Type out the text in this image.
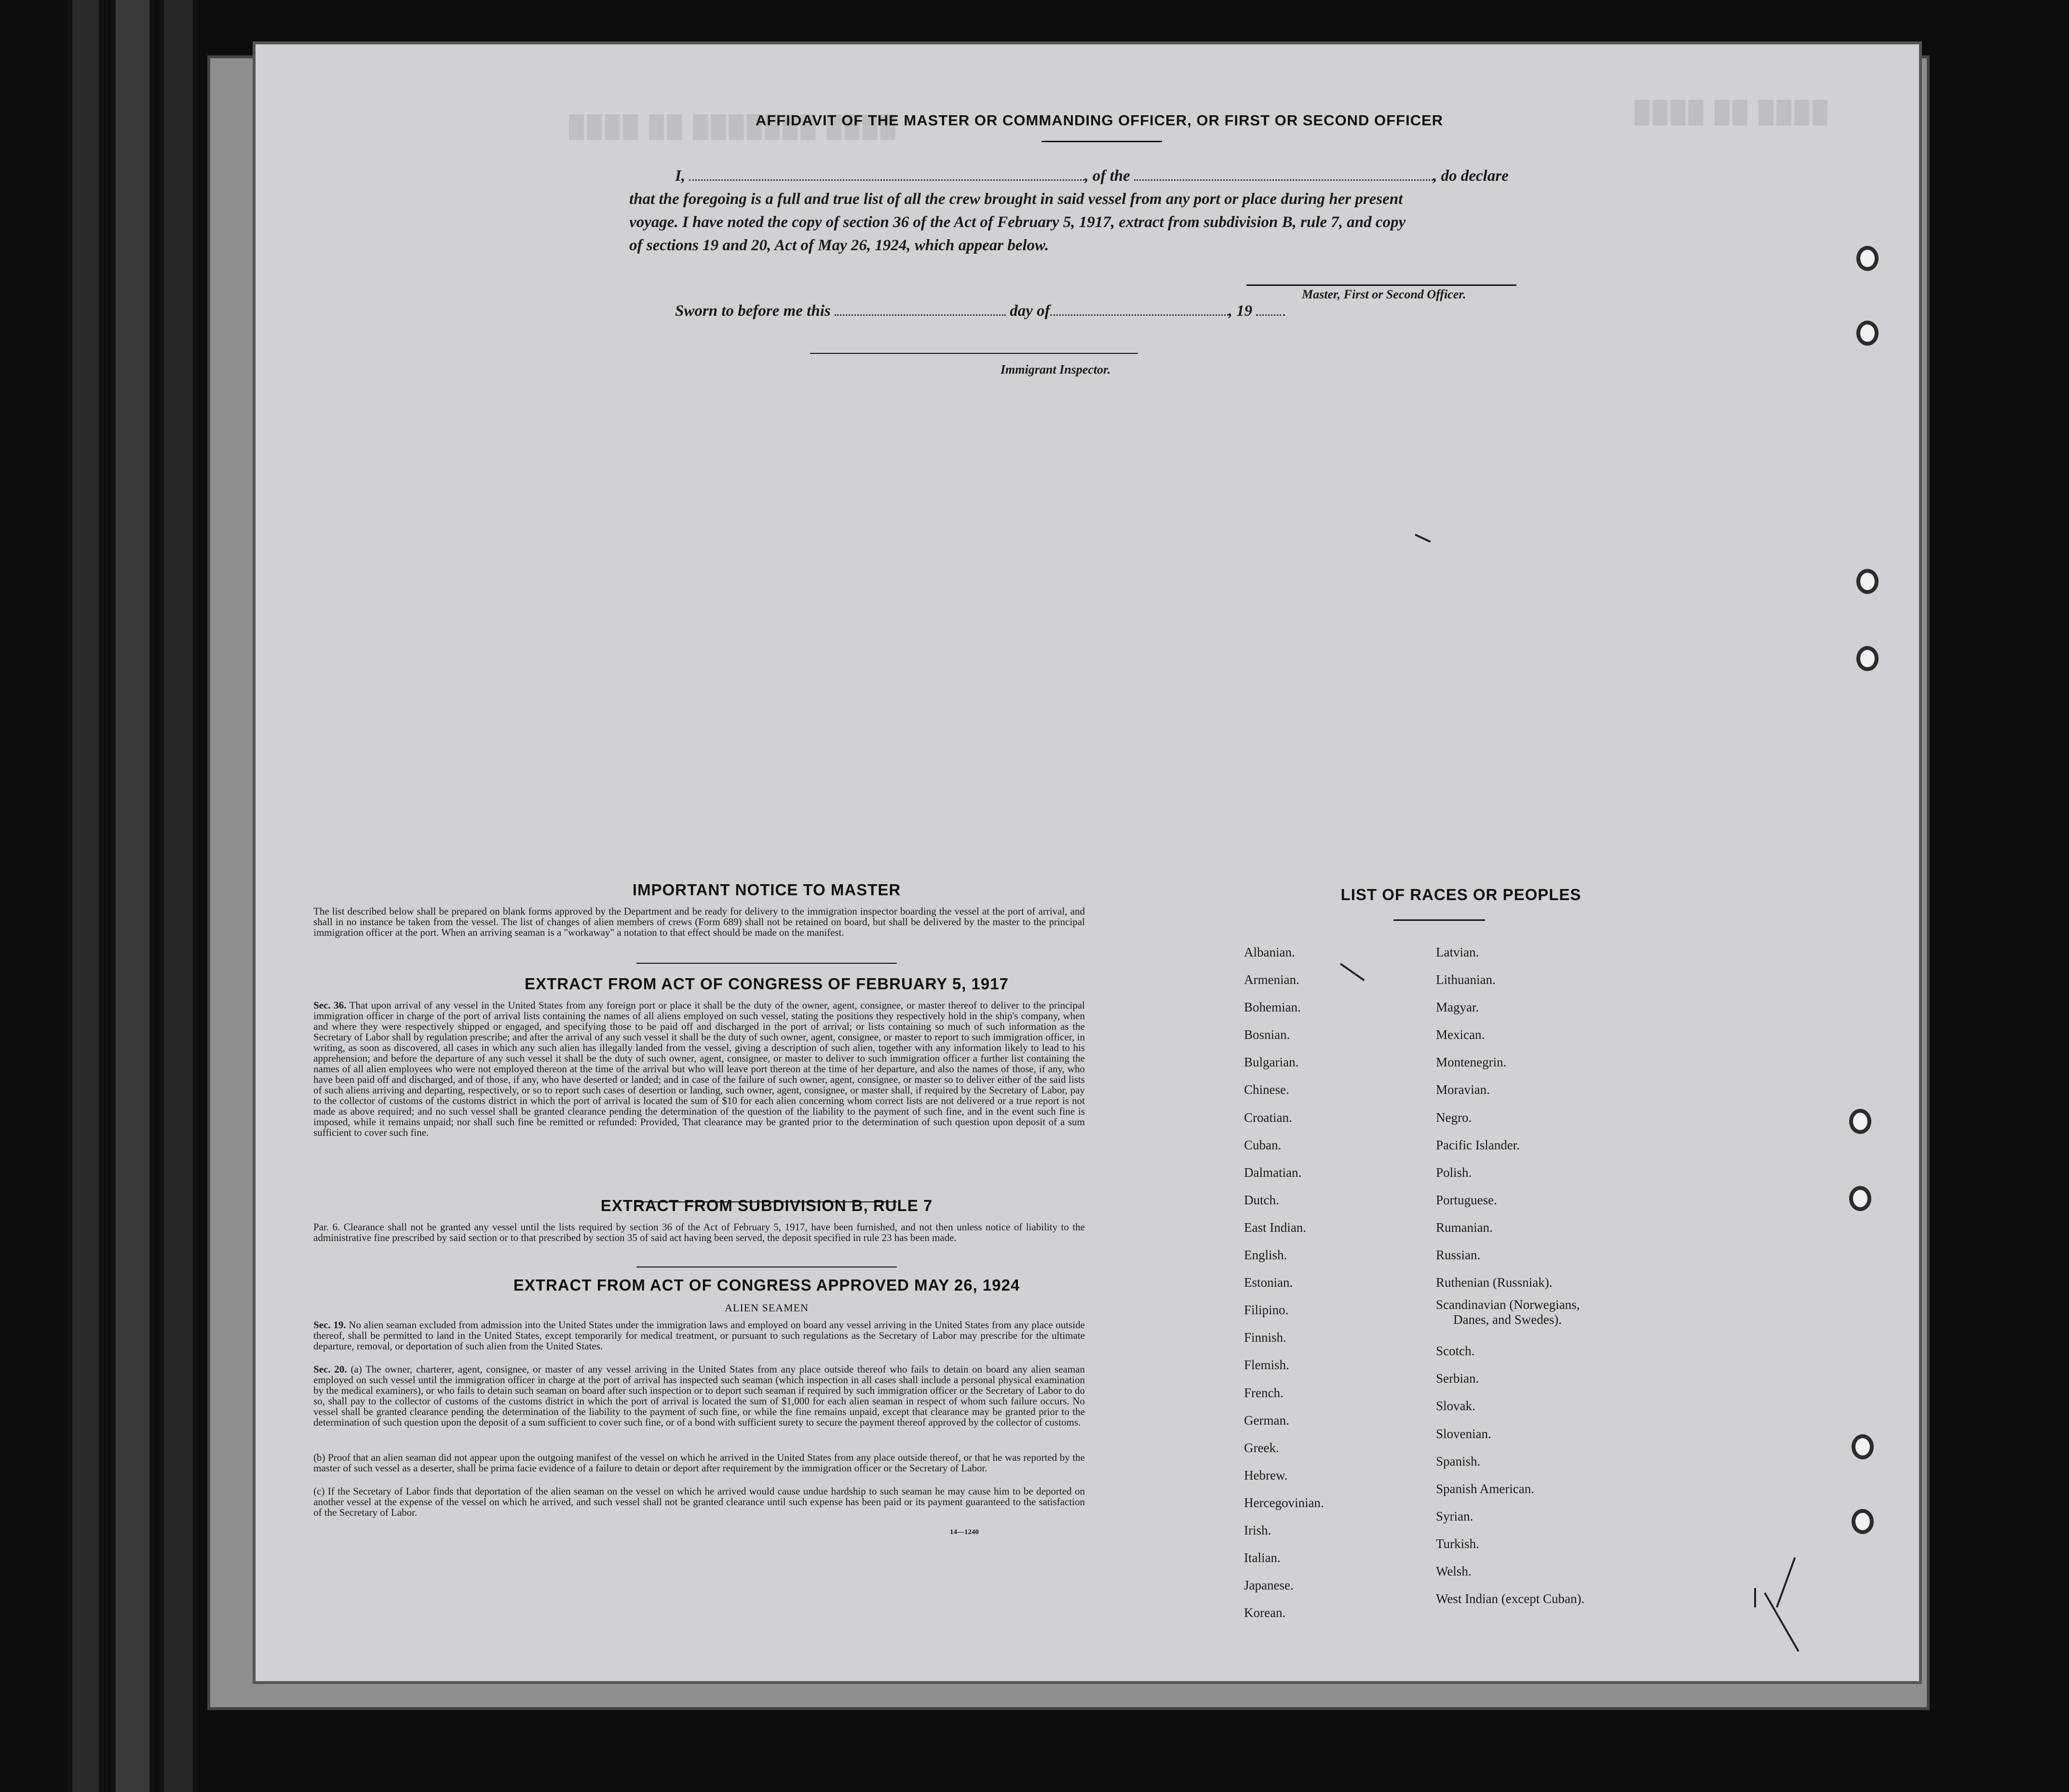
████ ██ ███████ ████
████ ██ ████
AFFIDAVIT OF THE MASTER OR COMMANDING OFFICER, OR FIRST OR SECOND OFFICER
I,	, of the	, do declare
that the foregoing is a full and true list of all the crew brought in said vessel from any port or place during her present
voyage. I have noted the copy of section 36 of the Act of February 5, 1917, extract from subdivision B, rule 7, and copy
of sections 19 and 20, Act of May 26, 1924, which appear below.
Master, First or Second Officer.
Sworn to before me this	day of	, 19
Immigrant Inspector.
IMPORTANT NOTICE TO MASTER
The list described below shall be prepared on blank forms approved by the Department and be ready for delivery to the immigration inspector boarding the vessel at the port of arrival, and shall in no instance be taken from the vessel. The list of changes of alien members of crews (Form 689) shall not be retained on board, but shall be delivered by the master to the principal immigration officer at the port. When an arriving seaman is a "workaway" a notation to that effect should be made on the manifest.
EXTRACT FROM ACT OF CONGRESS OF FEBRUARY 5, 1917
Sec. 36. That upon arrival of any vessel in the United States from any foreign port or place it shall be the duty of the owner, agent, consignee, or master thereof to deliver to the principal immigration officer in charge of the port of arrival lists containing the names of all aliens employed on such vessel, stating the positions they respectively hold in the ship's company, when and where they were respectively shipped or engaged, and specifying those to be paid off and discharged in the port of arrival; or lists containing so much of such information as the Secretary of Labor shall by regulation prescribe; and after the arrival of any such vessel it shall be the duty of such owner, agent, consignee, or master to report to such immigration officer, in writing, as soon as discovered, all cases in which any such alien has illegally landed from the vessel, giving a description of such alien, together with any information likely to lead to his apprehension; and before the departure of any such vessel it shall be the duty of such owner, agent, consignee, or master to deliver to such immigration officer a further list containing the names of all alien employees who were not employed thereon at the time of the arrival but who will leave port thereon at the time of her departure, and also the names of those, if any, who have been paid off and discharged, and of those, if any, who have deserted or landed; and in case of the failure of such owner, agent, consignee, or master so to deliver either of the said lists of such aliens arriving and departing, respectively, or so to report such cases of desertion or landing, such owner, agent, consignee, or master shall, if required by the Secretary of Labor, pay to the collector of customs of the customs district in which the port of arrival is located the sum of $10 for each alien concerning whom correct lists are not delivered or a true report is not made as above required; and no such vessel shall be granted clearance pending the determination of the question of the liability to the payment of such fine, and in the event such fine is imposed, while it remains unpaid; nor shall such fine be remitted or refunded: Provided, That clearance may be granted prior to the determination of such question upon deposit of a sum sufficient to cover such fine.
EXTRACT FROM SUBDIVISION B, RULE 7
Par. 6. Clearance shall not be granted any vessel until the lists required by section 36 of the Act of February 5, 1917, have been furnished, and not then unless notice of liability to the administrative fine prescribed by said section or to that prescribed by section 35 of said act having been served, the deposit specified in rule 23 has been made.
EXTRACT FROM ACT OF CONGRESS APPROVED MAY 26, 1924
ALIEN SEAMEN
Sec. 19. No alien seaman excluded from admission into the United States under the immigration laws and employed on board any vessel arriving in the United States from any place outside thereof, shall be permitted to land in the United States, except temporarily for medical treatment, or pursuant to such regulations as the Secretary of Labor may prescribe for the ultimate departure, removal, or deportation of such alien from the United States.
Sec. 20. (a) The owner, charterer, agent, consignee, or master of any vessel arriving in the United States from any place outside thereof who fails to detain on board any alien seaman employed on such vessel until the immigration officer in charge at the port of arrival has inspected such seaman (which inspection in all cases shall include a personal physical examination by the medical examiners), or who fails to detain such seaman on board after such inspection or to deport such seaman if required by such immigration officer or the Secretary of Labor to do so, shall pay to the collector of customs of the customs district in which the port of arrival is located the sum of $1,000 for each alien seaman in respect of whom such failure occurs. No vessel shall be granted clearance pending the determination of the liability to the payment of such fine, or while the fine remains unpaid, except that clearance may be granted prior to the determination of such question upon the deposit of a sum sufficient to cover such fine, or of a bond with sufficient surety to secure the payment thereof approved by the collector of customs.
(b) Proof that an alien seaman did not appear upon the outgoing manifest of the vessel on which he arrived in the United States from any place outside thereof, or that he was reported by the master of such vessel as a deserter, shall be prima facie evidence of a failure to detain or deport after requirement by the immigration officer or the Secretary of Labor.
(c) If the Secretary of Labor finds that deportation of the alien seaman on the vessel on which he arrived would cause undue hardship to such seaman he may cause him to be deported on another vessel at the expense of the vessel on which he arrived, and such vessel shall not be granted clearance until such expense has been paid or its payment guaranteed to the satisfaction of the Secretary of Labor.
14—1240
LIST OF RACES OR PEOPLES
Albanian.
Armenian.
Bohemian.
Bosnian.
Bulgarian.
Chinese.
Croatian.
Cuban.
Dalmatian.
Dutch.
East Indian.
English.
Estonian.
Filipino.
Finnish.
Flemish.
French.
German.
Greek.
Hebrew.
Hercegovinian.
Irish.
Italian.
Japanese.
Korean.
Latvian.
Lithuanian.
Magyar.
Mexican.
Montenegrin.
Moravian.
Negro.
Pacific Islander.
Polish.
Portuguese.
Rumanian.
Russian.
Ruthenian (Russniak).
Scandinavian (Norwegians,
Danes, and Swedes).
Scotch.
Serbian.
Slovak.
Slovenian.
Spanish.
Spanish American.
Syrian.
Turkish.
Welsh.
West Indian (except Cuban).
